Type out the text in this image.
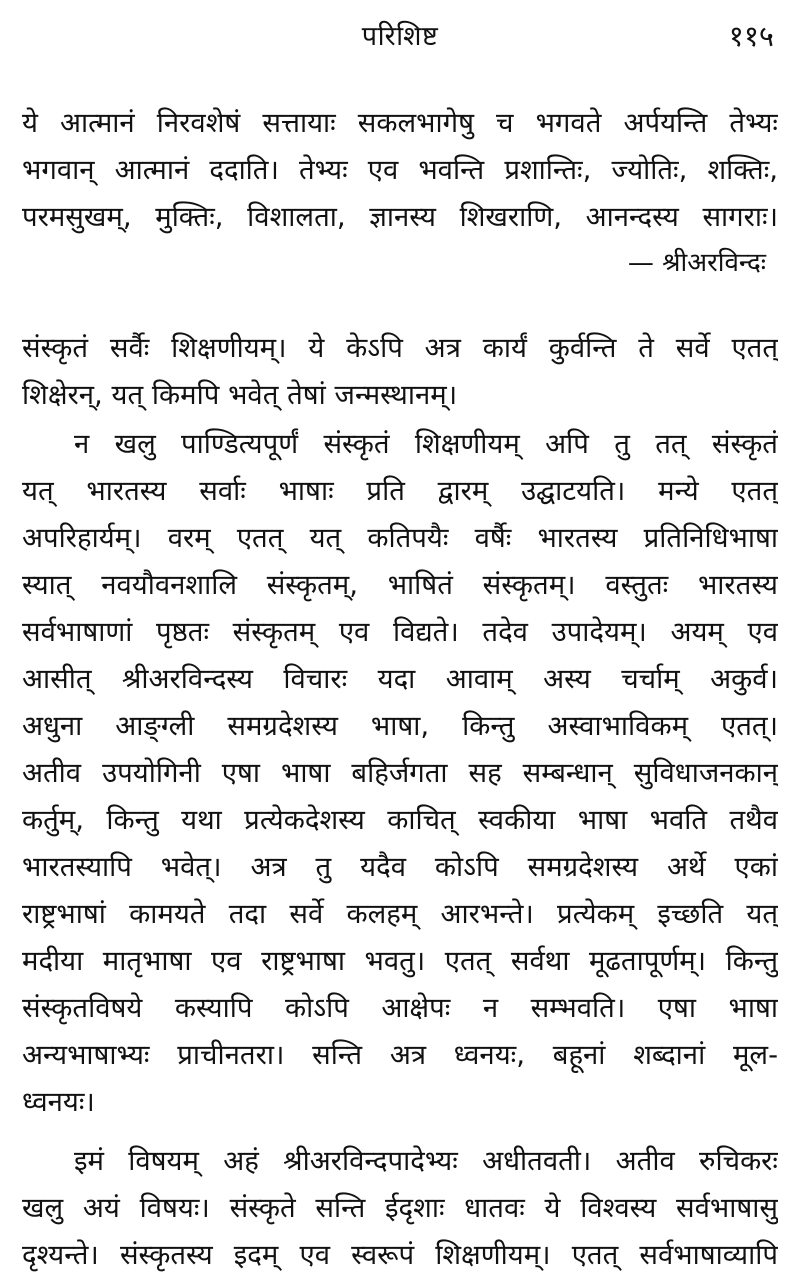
परिशिष्ट	११५
ये आत्मानं निरवशेषं सत्तायाः सकलभागेषु च भगवते अर्पयन्ति तेभ्यः
भगवान् आत्मानं ददाति। तेभ्यः एव भवन्ति प्रशान्तिः, ज्योतिः, शक्तिः,
परमसुखम्, मुक्तिः, विशालता, ज्ञानस्य शिखराणि, आनन्दस्य सागराः।
— श्रीअरविन्दः
संस्कृतं सर्वैः शिक्षणीयम्। ये केऽपि अत्र कार्यं कुर्वन्ति ते सर्वे एतत्
शिक्षेरन्, यत् किमपि भवेत् तेषां जन्मस्थानम्।
न खलु पाण्डित्यपूर्णं संस्कृतं शिक्षणीयम् अपि तु तत् संस्कृतं
यत् भारतस्य सर्वाः भाषाः प्रति द्वारम् उद्घाटयति। मन्ये एतत्
अपरिहार्यम्। वरम् एतत् यत् कतिपयैः वर्षैः भारतस्य प्रतिनिधिभाषा
स्यात् नवयौवनशालि संस्कृतम्, भाषितं संस्कृतम्। वस्तुतः भारतस्य
सर्वभाषाणां पृष्ठतः संस्कृतम् एव विद्यते। तदेव उपादेयम्। अयम् एव
आसीत् श्रीअरविन्दस्य विचारः यदा आवाम् अस्य चर्चाम् अकुर्व।
अधुना आङ्ग्ली समग्रदेशस्य भाषा, किन्तु अस्वाभाविकम् एतत्।
अतीव उपयोगिनी एषा भाषा बहिर्जगता सह सम्बन्धान् सुविधाजनकान्
कर्तुम्, किन्तु यथा प्रत्येकदेशस्य काचित् स्वकीया भाषा भवति तथैव
भारतस्यापि भवेत्। अत्र तु यदैव कोऽपि समग्रदेशस्य अर्थे एकां
राष्ट्रभाषां कामयते तदा सर्वे कलहम् आरभन्ते। प्रत्येकम् इच्छति यत्
मदीया मातृभाषा एव राष्ट्रभाषा भवतु। एतत् सर्वथा मूढतापूर्णम्। किन्तु
संस्कृतविषये कस्यापि कोऽपि आक्षेपः न सम्भवति। एषा भाषा
अन्यभाषाभ्यः प्राचीनतरा। सन्ति अत्र ध्वनयः, बहूनां शब्दानां मूल-
ध्वनयः।
इमं विषयम् अहं श्रीअरविन्दपादेभ्यः अधीतवती। अतीव रुचिकरः
खलु अयं विषयः। संस्कृते सन्ति ईदृशाः धातवः ये विश्वस्य सर्वभाषासु
दृश्यन्ते। संस्कृतस्य इदम् एव स्वरूपं शिक्षणीयम्। एतत् सर्वभाषाव्यापि
